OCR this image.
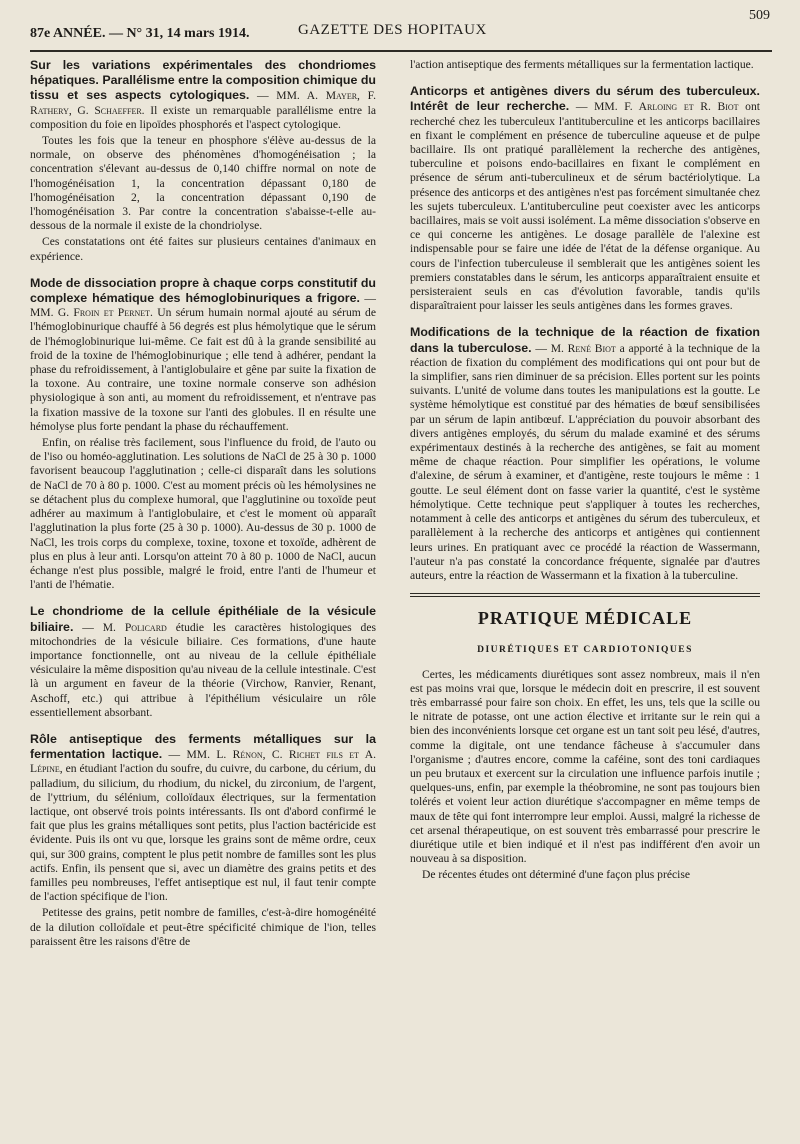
87e ANNÉE. — N° 31, 14 mars 1914.	GAZETTE DES HOPITAUX
509

Sur les variations expérimentales des chondriomes hépatiques. Parallélisme entre la composition chimique du tissu et ses aspects cytologiques. — MM. A. Mayer, F. Rathery, G. Schaeffer. Il existe un remarquable parallélisme entre la composition du foie en lipoïdes phosphorés et l'aspect cytologique.

Toutes les fois que la teneur en phosphore s'élève au-dessus de la normale, on observe des phénomènes d'homogénéisation ; la concentration s'élevant au-dessus de 0,140 chiffre normal on note de l'homogénéisation 1, la concentration dépassant 0,180 de l'homogénéisation 2, la concentration dépassant 0,190 de l'homogénéisation 3. Par contre la concentration s'abaisse-t-elle au-dessous de la normale il existe de la chondriolyse.

Ces constatations ont été faites sur plusieurs centaines d'animaux en expérience.

Mode de dissociation propre à chaque corps constitutif du complexe hématique des hémoglobinuriques a frigore. — MM. G. Froin et Pernet. Un sérum humain normal ajouté au sérum de l'hémoglobinurique chauffé à 56 degrés est plus hémolytique que le sérum de l'hémoglobinurique lui-même. Ce fait est dû à la grande sensibilité au froid de la toxine de l'hémoglobinurique ; elle tend à adhérer, pendant la phase du refroidissement, à l'antiglobulaire et gêne par suite la fixation de la toxone. Au contraire, une toxine normale conserve son adhésion physiologique à son anti, au moment du refroidissement, et n'entrave pas la fixation massive de la toxone sur l'anti des globules. Il en résulte une hémolyse plus forte pendant la phase du réchauffement.

Enfin, on réalise très facilement, sous l'influence du froid, de l'auto ou de l'iso ou homéo-agglutination. Les solutions de NaCl de 25 à 30 p. 1000 favorisent beaucoup l'agglutination ; celle-ci disparaît dans les solutions de NaCl de 70 à 80 p. 1000. C'est au moment précis où les hémolysines ne se détachent plus du complexe humoral, que l'agglutinine ou toxoïde peut adhérer au maximum à l'antiglobulaire, et c'est le moment où apparaît l'agglutination la plus forte (25 à 30 p. 1000). Au-dessus de 30 p. 1000 de NaCl, les trois corps du complexe, toxine, toxone et toxoïde, adhèrent de plus en plus à leur anti. Lorsqu'on atteint 70 à 80 p. 1000 de NaCl, aucun échange n'est plus possible, malgré le froid, entre l'anti de l'humeur et l'anti de l'hématie.

Le chondriome de la cellule épithéliale de la vésicule biliaire. — M. Policard étudie les caractères histologiques des mitochondries de la vésicule biliaire. Ces formations, d'une haute importance fonctionnelle, ont au niveau de la cellule épithéliale vésiculaire la même disposition qu'au niveau de la cellule intestinale. C'est là un argument en faveur de la théorie (Virchow, Ranvier, Renant, Aschoff, etc.) qui attribue à l'épithélium vésiculaire un rôle essentiellement absorbant.

Rôle antiseptique des ferments métalliques sur la fermentation lactique. — MM. L. Rénon, C. Richet fils et A. Lépine, en étudiant l'action du soufre, du cuivre, du carbone, du cérium, du palladium, du silicium, du rhodium, du nickel, du zirconium, de l'argent, de l'yttrium, du sélénium, colloïdaux électriques, sur la fermentation lactique, ont observé trois points intéressants. Ils ont d'abord confirmé le fait que plus les grains métalliques sont petits, plus l'action bactéricide est évidente. Puis ils ont vu que, lorsque les grains sont de même ordre, ceux qui, sur 300 grains, comptent le plus petit nombre de familles sont les plus actifs. Enfin, ils pensent que si, avec un diamètre des grains petits et des familles peu nombreuses, l'effet antiseptique est nul, il faut tenir compte de l'action spécifique de l'ion.

Petitesse des grains, petit nombre de familles, c'est-à-dire homogénéité de la dilution colloïdale et peut-être spécificité chimique de l'ion, telles paraissent être les raisons d'être de

l'action antiseptique des ferments métalliques sur la fermentation lactique.

Anticorps et antigènes divers du sérum des tuberculeux. Intérêt de leur recherche. — MM. F. Arloing et R. Biot ont recherché chez les tuberculeux l'antituberculine et les anticorps bacillaires en fixant le complément en présence de tuberculine aqueuse et de pulpe bacillaire. Ils ont pratiqué parallèlement la recherche des antigènes, tuberculine et poisons endo-bacillaires en fixant le complément en présence de sérum anti-tuberculineux et de sérum bactériolytique. La présence des anticorps et des antigènes n'est pas forcément simultanée chez les sujets tuberculeux. L'antituberculine peut coexister avec les anticorps bacillaires, mais se voit aussi isolément. La même dissociation s'observe en ce qui concerne les antigènes. Le dosage parallèle de l'alexine est indispensable pour se faire une idée de l'état de la défense organique. Au cours de l'infection tuberculeuse il semblerait que les antigènes soient les premiers constatables dans le sérum, les anticorps apparaîtraient ensuite et persisteraient seuls en cas d'évolution favorable, tandis qu'ils disparaîtraient pour laisser les seuls antigènes dans les formes graves.

Modifications de la technique de la réaction de fixation dans la tuberculose. — M. René Biot a apporté à la technique de la réaction de fixation du complément des modifications qui ont pour but de la simplifier, sans rien diminuer de sa précision. Elles portent sur les points suivants. L'unité de volume dans toutes les manipulations est la goutte. Le système hémolytique est constitué par des hématies de bœuf sensibilisées par un sérum de lapin antibœuf. L'appréciation du pouvoir absorbant des divers antigènes employés, du sérum du malade examiné et des sérums expérimentaux destinés à la recherche des antigènes, se fait au moment même de chaque réaction. Pour simplifier les opérations, le volume d'alexine, de sérum à examiner, et d'antigène, reste toujours le même : 1 goutte. Le seul élément dont on fasse varier la quantité, c'est le système hémolytique. Cette technique peut s'appliquer à toutes les recherches, notamment à celle des anticorps et antigènes du sérum des tuberculeux, et parallèlement à la recherche des anticorps et antigènes qui contiennent leurs urines. En pratiquant avec ce procédé la réaction de Wassermann, l'auteur n'a pas constaté la concordance fréquente, signalée par d'autres auteurs, entre la réaction de Wassermann et la fixation à la tuberculine.

PRATIQUE MÉDICALE
DIURÉTIQUES ET CARDIOTONIQUES

Certes, les médicaments diurétiques sont assez nombreux, mais il n'en est pas moins vrai que, lorsque le médecin doit en prescrire, il est souvent très embarrassé pour faire son choix. En effet, les uns, tels que la scille ou le nitrate de potasse, ont une action élective et irritante sur le rein qui a bien des inconvénients lorsque cet organe est un tant soit peu lésé, d'autres, comme la digitale, ont une tendance fâcheuse à s'accumuler dans l'organisme ; d'autres encore, comme la caféine, sont des toni cardiaques un peu brutaux et exercent sur la circulation une influence parfois inutile ; quelques-uns, enfin, par exemple la théobromine, ne sont pas toujours bien tolérés et voient leur action diurétique s'accompagner en même temps de maux de tête qui font interrompre leur emploi. Aussi, malgré la richesse de cet arsenal thérapeutique, on est souvent très embarrassé pour prescrire le diurétique utile et bien indiqué et il n'est pas indifférent d'en avoir un nouveau à sa disposition.

De récentes études ont déterminé d'une façon plus précise
